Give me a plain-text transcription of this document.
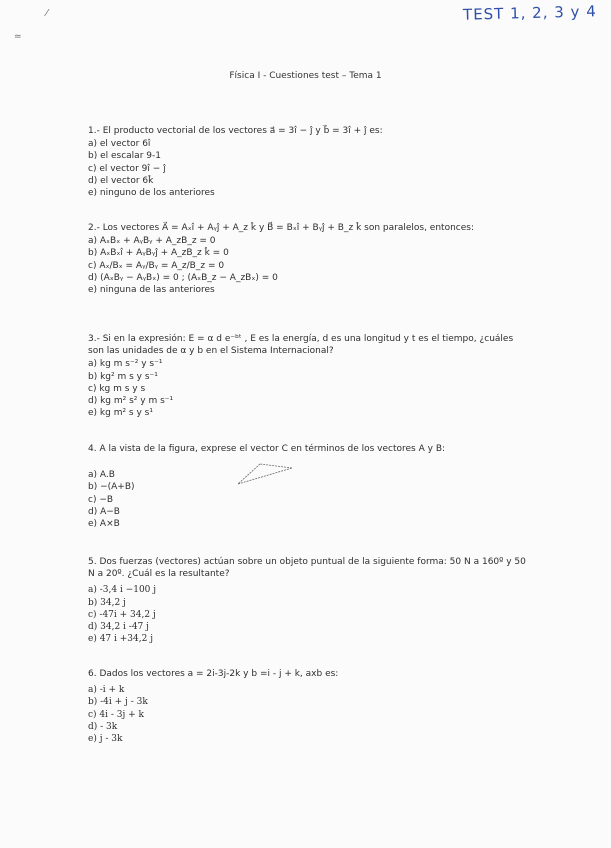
⁄
≃
TEST 1, 2, 3 y 4
Física I - Cuestiones test – Tema 1
1.- El producto vectorial de los vectores a⃗ = 3î − ĵ y b⃗ = 3î + ĵ es:
a) el vector 6î
b) el escalar 9-1
c) el vector 9î − ĵ
d) el vector 6k̂
e) ninguno de los anteriores
2.- Los vectores A⃗ = Aₓî + Aᵧĵ + A_z k̂ y B⃗ = Bₓî + Bᵧĵ + B_z k̂ son paralelos, entonces:
a) AₓBₓ + AᵧBᵧ + A_zB_z = 0
b) AₓBₓî + AᵧBᵧĵ + A_zB_z k̂ = 0
c) Aₓ/Bₓ = Aᵧ/Bᵧ = A_z/B_z = 0
d) (AₓBᵧ − AᵧBₓ) = 0 ; (AₓB_z − A_zBₓ) = 0
e) ninguna de las anteriores
3.- Si en la expresión: E = α d e⁻ᵇᵗ , E es la energía, d es una longitud y t es el tiempo, ¿cuáles son las unidades de α y b en el Sistema Internacional?
a) kg m s⁻² y s⁻¹
b) kg² m s y s⁻¹
c) kg m s y s
d) kg m² s² y m s⁻¹
e) kg m² s y s¹
4. A la vista de la figura, exprese el vector C en términos de los vectores A y B:
a) A.B
b) −(A+B)
c) −B
d) A−B
e) A×B
5. Dos fuerzas (vectores) actúan sobre un objeto puntual de la siguiente forma: 50 N a 160º y 50 N a 20º. ¿Cuál es la resultante?
a) -3,4 i −100 j
b) 34,2 j
c) -47i + 34,2 j
d) 34,2 i -47 j
e) 47 i +34,2 j
6. Dados los vectores a = 2i-3j-2k y b =i - j + k, axb es:
a) -i + k
b) -4i + j - 3k
c) 4i - 3j + k
d) - 3k
e) j - 3k
